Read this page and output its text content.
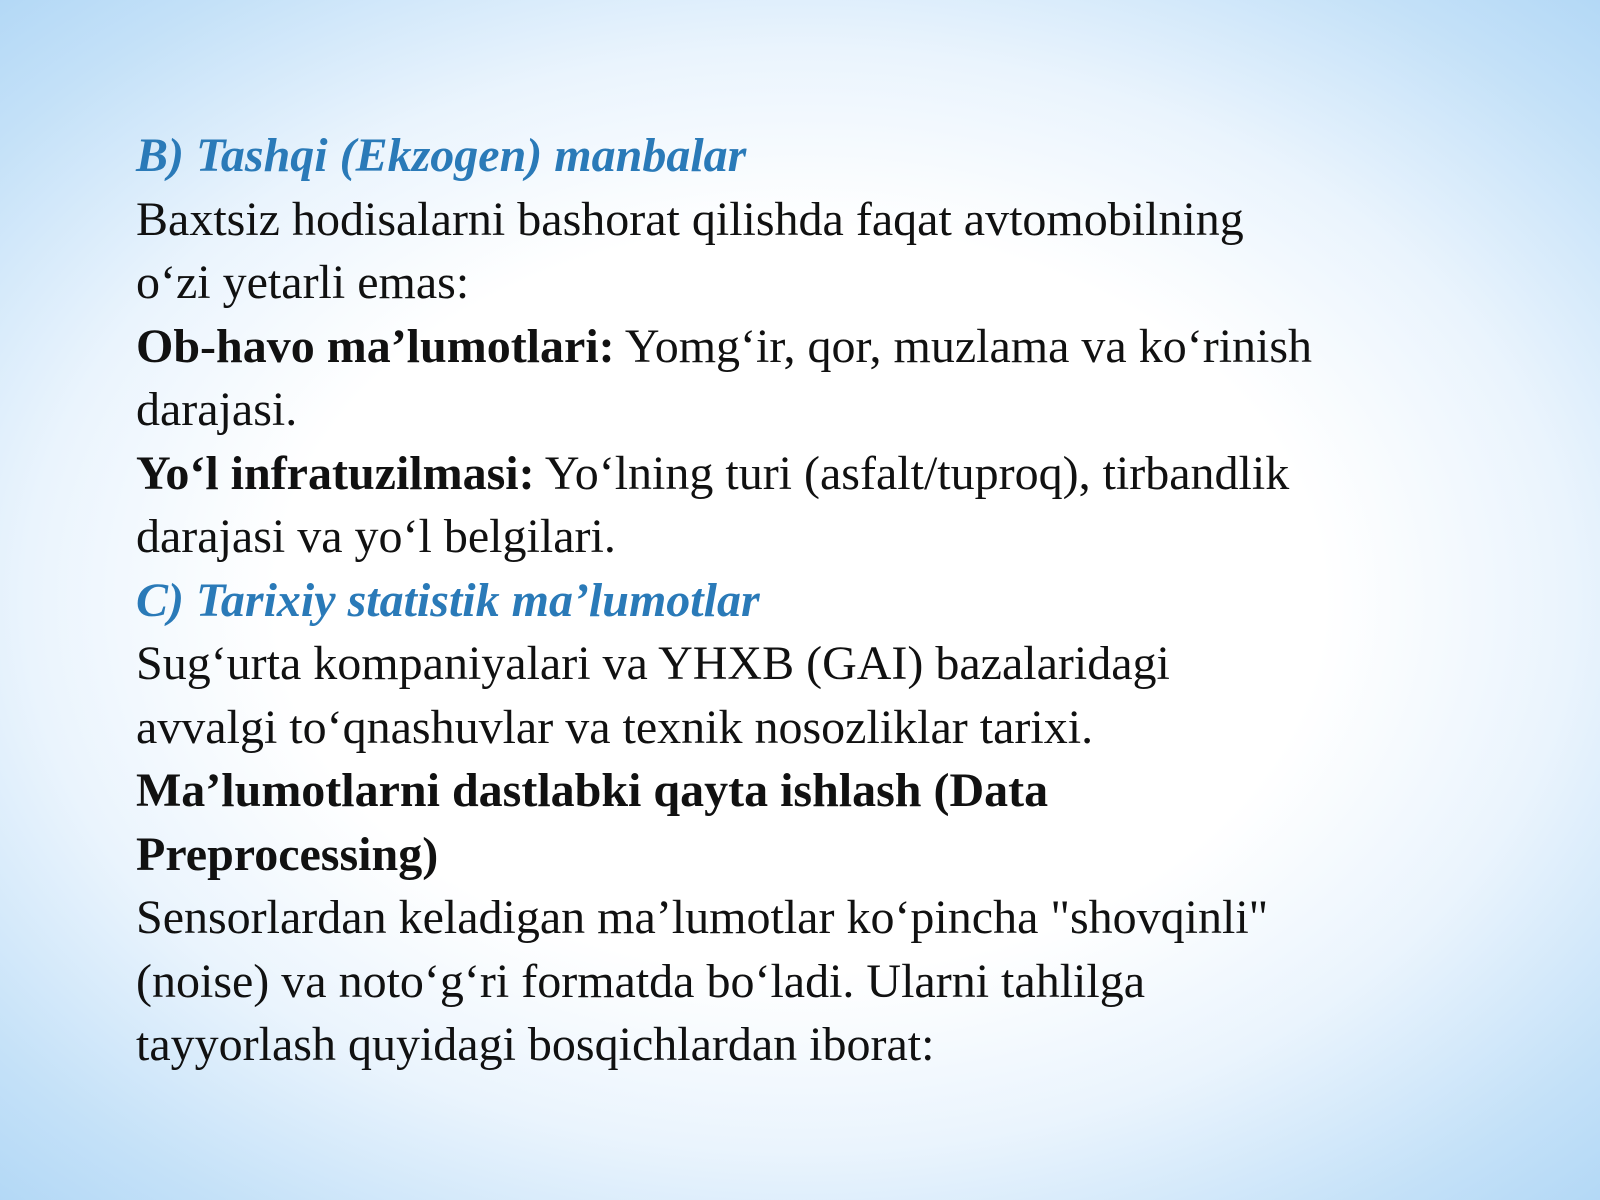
B) Tashqi (Ekzogen) manbalar
Baxtsiz hodisalarni bashorat qilishda faqat avtomobilning
o‘zi yetarli emas:
Ob-havo ma’lumotlari: Yomg‘ir, qor, muzlama va ko‘rinish
darajasi.
Yo‘l infratuzilmasi: Yo‘lning turi (asfalt/tuproq), tirbandlik
darajasi va yo‘l belgilari.
C) Tarixiy statistik ma’lumotlar
Sug‘urta kompaniyalari va YHXB (GAI) bazalaridagi
avvalgi to‘qnashuvlar va texnik nosozliklar tarixi.
Ma’lumotlarni dastlabki qayta ishlash (Data
Preprocessing)
Sensorlardan keladigan ma’lumotlar ko‘pincha "shovqinli"
(noise) va noto‘g‘ri formatda bo‘ladi. Ularni tahlilga
tayyorlash quyidagi bosqichlardan iborat:
